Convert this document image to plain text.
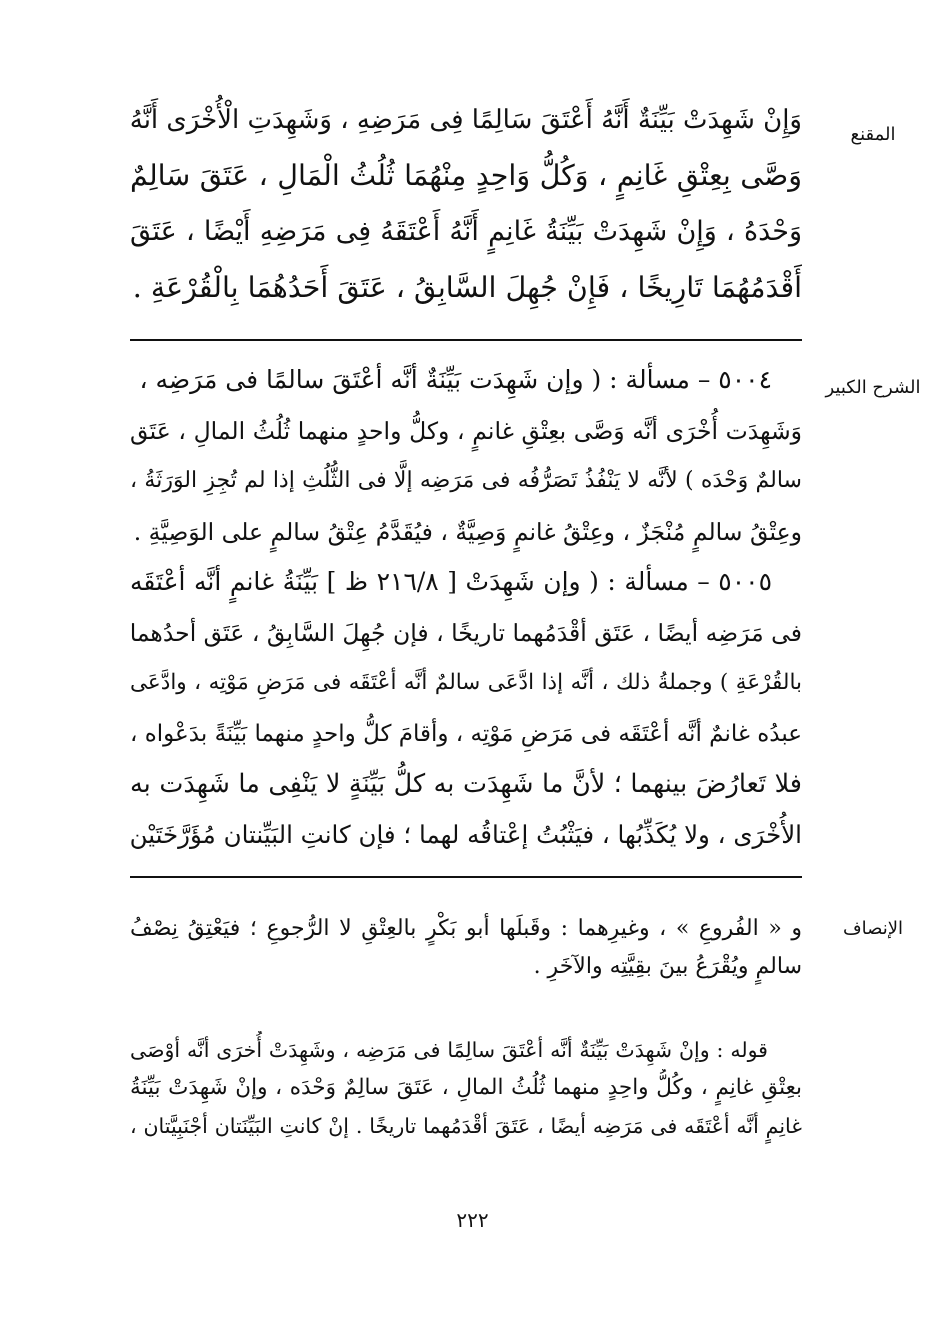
المقنع
وَإِنْ شَهِدَتْ بَيِّنَةٌ أَنَّهُ أَعْتَقَ سَالِمًا فِى مَرَضِهِ ، وَشَهِدَتِ الْأُخْرَى أَنَّهُ
وَصَّى بِعِتْقِ غَانِمٍ ، وَكُلُّ وَاحِدٍ مِنْهُمَا ثُلُثُ الْمَالِ ، عَتَقَ سَالِمٌ
وَحْدَهُ ، وَإِنْ شَهِدَتْ بَيِّنَةُ غَانِمٍ أَنَّهُ أَعْتَقَهُ فِى مَرَضِهِ أَيْضًا ، عَتَقَ
أَقْدَمُهُمَا تَارِيخًا ، فَإِنْ جُهِلَ السَّابِقُ ، عَتَقَ أَحَدُهُمَا بِالْقُرْعَةِ .
الشرح الكبير
٥٠٠٤ – مسألة : ( وإن شَهِدَت بَيِّنَةٌ أنَّه أعْتَقَ سالمًا فى مَرَضِه ،
وَشَهِدَت أُخْرَى أنَّه وَصَّى بعِتْقِ غانمٍ ، وكلُّ واحدٍ منهما ثُلُثُ المالِ ، عَتَق
سالمٌ وَحْدَه ) لأنَّه لا يَنْفُذُ تَصَرُّفُه فى مَرَضِه إلَّا فى الثُّلُثِ إذا لم تُجِزِ الوَرَثَةُ ،
وعِتْقُ سالمٍ مُنْجَزٌ ، وعِتْقُ غانمٍ وَصِيَّةٌ ، فيُقَدَّمُ عِتْقُ سالمٍ على الوَصِيَّةِ .
٥٠٠٥ – مسألة : ( وإن شَهِدَتْ [ ٢١٦/٨ ظ ] بَيِّنَةُ غانمٍ أنَّه أعْتَقَه
فى مَرَضِه أيضًا ، عَتَق أقْدَمُهما تاريخًا ، فإن جُهِلَ السَّابِقُ ، عَتَق أحدُهما
بالقُرْعَةِ ) وجملةُ ذلك ، أنَّه إذا ادَّعَى سالمٌ أنَّه أعْتَقَه فى مَرَضِ مَوْتِه ، وادَّعَى
عبدُه غانمٌ أنَّه أعْتَقَه فى مَرَضِ مَوْتِه ، وأقامَ كلُّ واحدٍ منهما بَيِّنَةً بدَعْواه ،
فلا تَعارُضَ بينهما ؛ لأنَّ ما شَهِدَت به كلُّ بَيِّنَةٍ لا يَنْفِى ما شَهِدَت به
الأُخْرَى ، ولا يُكَذِّبُها ، فيَثْبُتُ إعْتاقُه لهما ؛ فإن كانتِ البَيِّنتان مُؤَرَّخَتَيْن
الإنصاف
و « الفُروعِ » ، وغيرِهما : وقَبلَها أبو بَكْرٍ بالعِتْقِ لا الرُّجوعِ ؛ فيَعْتِقُ نِصْفُ
سالمٍ ويُقْرَعُ بينَ بقِيَّتِه والآخَرِ .
قوله : وإنْ شَهِدَتْ بَيِّنَةٌ أنَّه أعْتَقَ سالِمًا فى مَرَضِه ، وشَهِدَتْ أُخرَى أنَّه أوْصَى
بعِتْقِ غانِمٍ ، وكُلُّ واحِدٍ منهما ثُلُثُ المالِ ، عَتَقَ سالِمٌ وَحْدَه ، وإنْ شَهِدَتْ بَيِّنَةُ
غانِمٍ أنَّه أعْتَقَه فى مَرَضِه أيضًا ، عَتَقَ أقْدَمُهما تاريخًا . إنْ كانتِ البَيِّنَتان أجْنَبِيَّتان ،
٢٢٢
